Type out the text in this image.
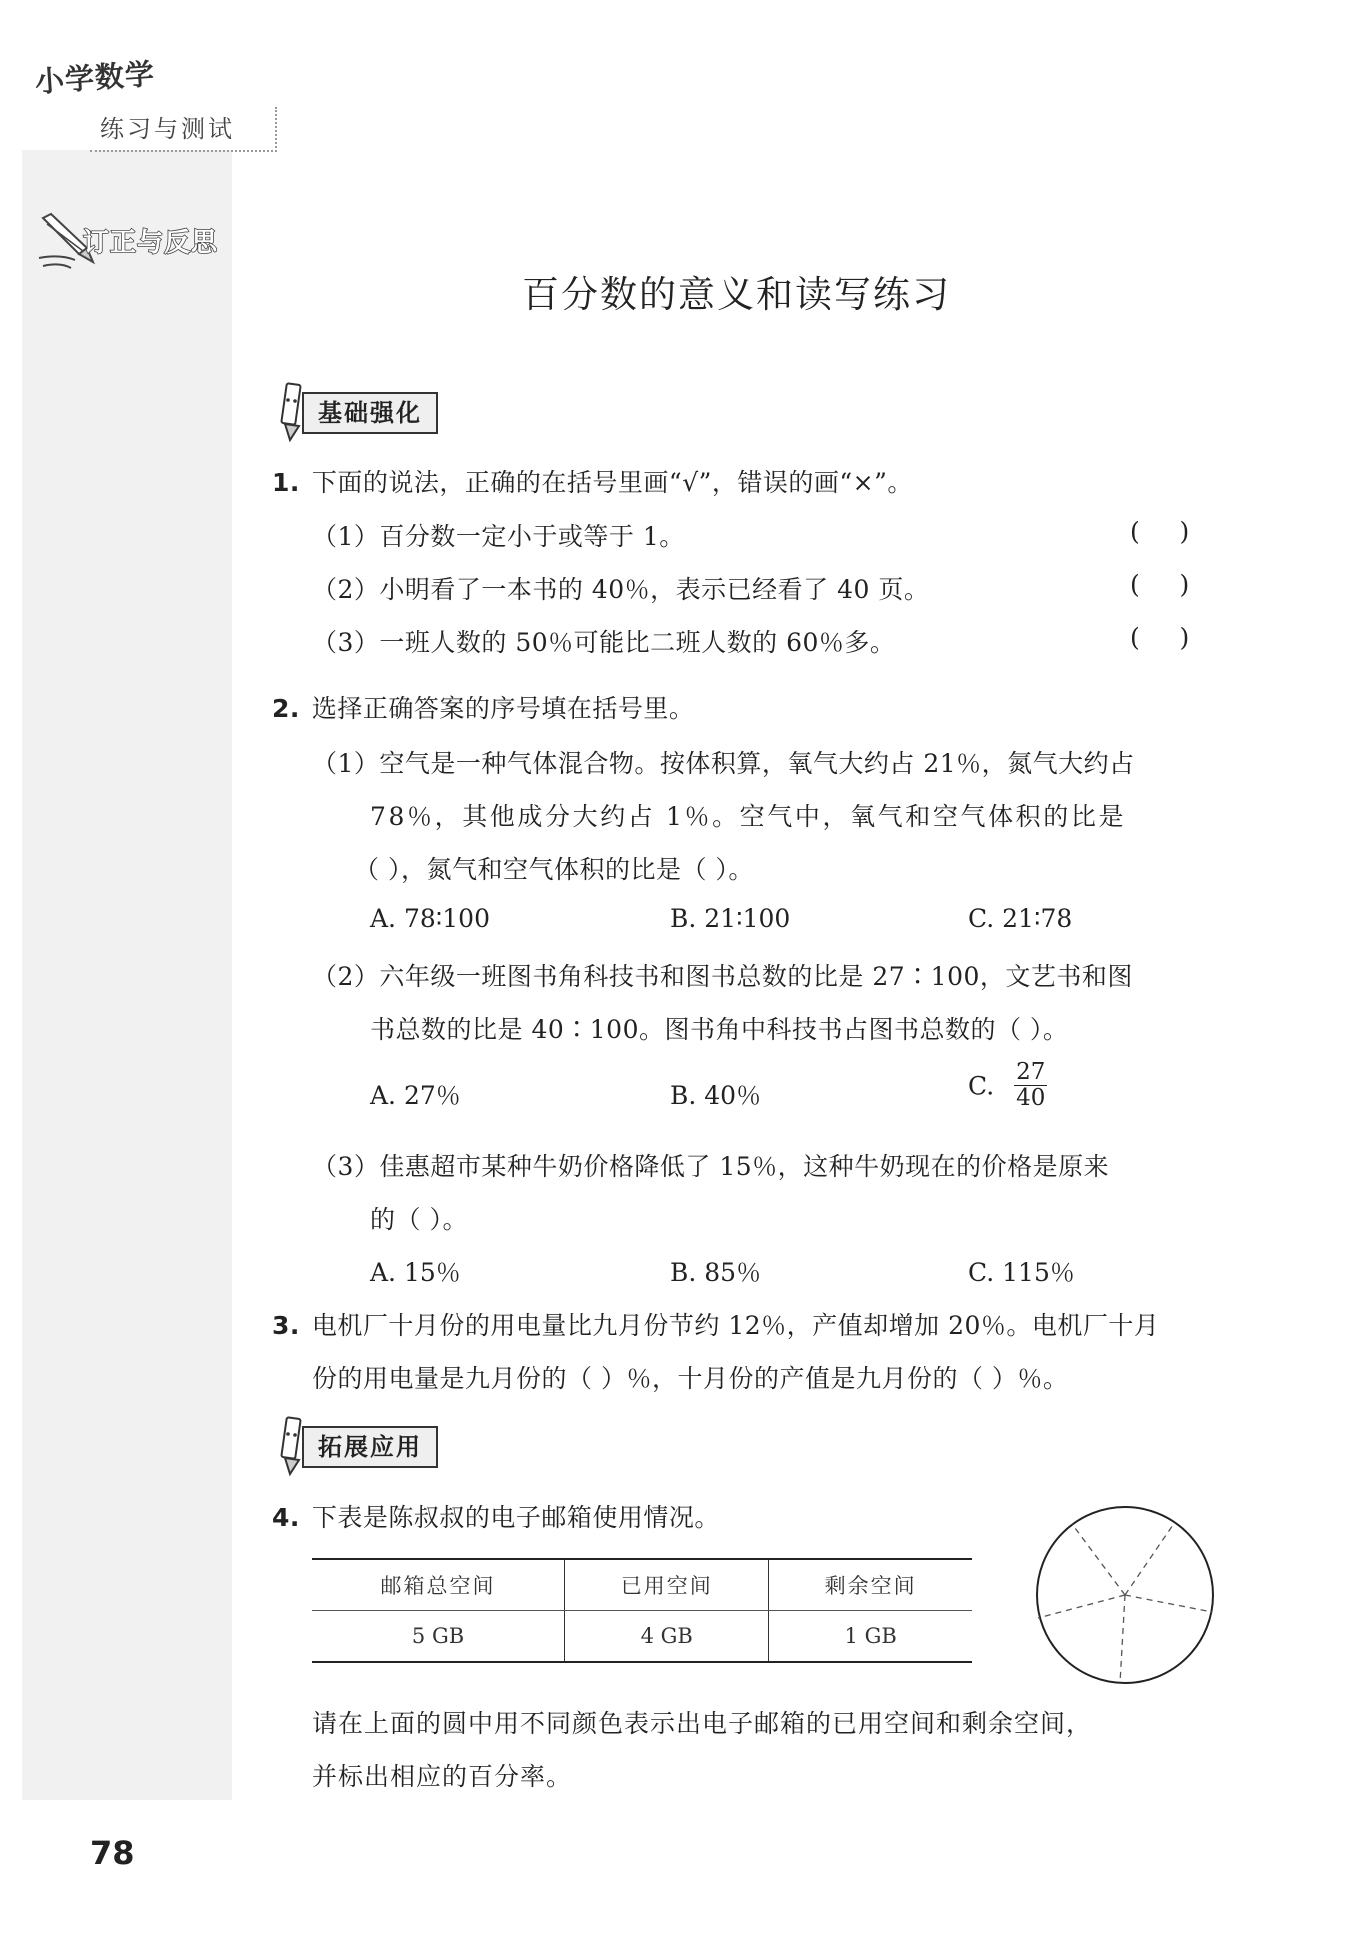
小学数学
练习与测试
订正与反思
百分数的意义和读写练习
基础强化
1. 下面的说法，正确的在括号里画“√”，错误的画“×”。
（1）百分数一定小于或等于 1。	(     )
（2）小明看了一本书的 40％，表示已经看了 40 页。	(     )
（3）一班人数的 50％可能比二班人数的 60％多。	(     )
2. 选择正确答案的序号填在括号里。
（1）空气是一种气体混合物。按体积算，氧气大约占 21％，氮气大约占
78％，其他成分大约占 1％。空气中，氧气和空气体积的比是
（ ），氮气和空气体积的比是（ ）。
A. 78∶100	B. 21∶100	C. 21∶78
（2）六年级一班图书角科技书和图书总数的比是 27∶100，文艺书和图
书总数的比是 40∶100。图书角中科技书占图书总数的（ ）。
A. 27％	B. 40％	C. $\frac{27}{40}$
（3）佳惠超市某种牛奶价格降低了 15％，这种牛奶现在的价格是原来
的（ ）。
A. 15％	B. 85％	C. 115％
3. 电机厂十月份的用电量比九月份节约 12％，产值却增加 20％。电机厂十月
份的用电量是九月份的（ ）％，十月份的产值是九月份的（ ）％。
拓展应用
4. 下表是陈叔叔的电子邮箱使用情况。
邮箱总空间	已用空间	剩余空间
5 GB	4 GB	1 GB
请在上面的圆中用不同颜色表示出电子邮箱的已用空间和剩余空间，
并标出相应的百分率。
78
